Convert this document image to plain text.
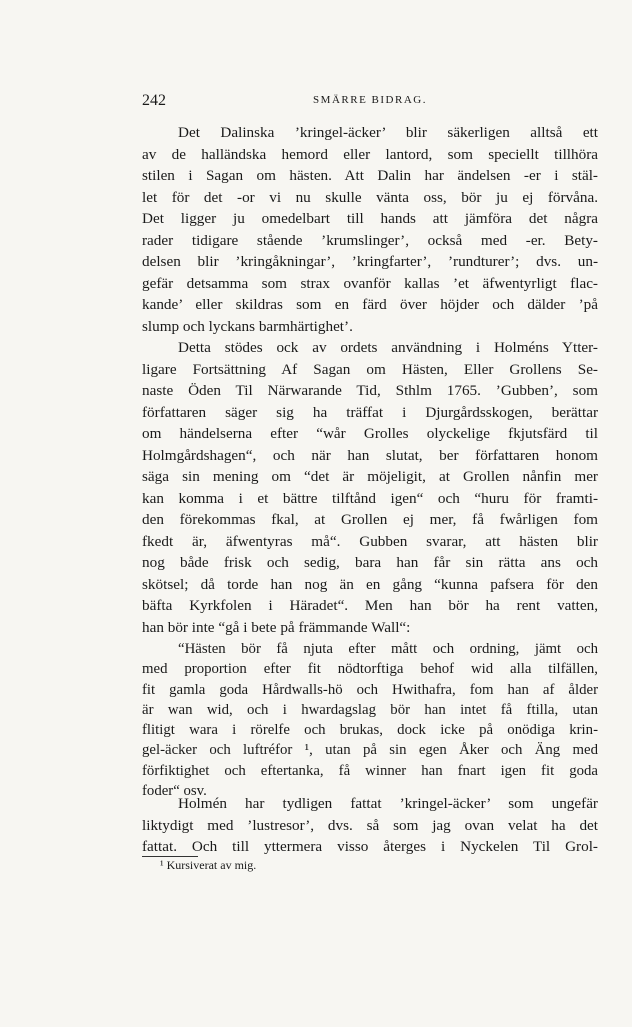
242	SMÄRRE BIDRAG.
Det Dalinska ’kringel-äcker’ blir säkerligen alltså ett
av de halländska hemord eller lantord, som speciellt tillhöra
stilen i Sagan om hästen. Att Dalin har ändelsen -er i stäl-
let för det -or vi nu skulle vänta oss, bör ju ej förvåna.
Det ligger ju omedelbart till hands att jämföra det några
rader tidigare stående ’krumslinger’, också med -er. Bety-
delsen blir ’kringåkningar’, ’kringfarter’, ’rundturer’; dvs. un-
gefär detsamma som strax ovanför kallas ’et äfwentyrligt flac-
kande’ eller skildras som en färd över höjder och dälder ’på
slump och lyckans barmhärtighet’.
Detta stödes ock av ordets användning i Holméns Ytter-
ligare Fortsättning Af Sagan om Hästen, Eller Grollens Se-
naste Öden Til Närwarande Tid, Sthlm 1765. ’Gubben’, som
författaren säger sig ha träffat i Djurgårdsskogen, berättar
om händelserna efter “wår Grolles olyckelige fkjutsfärd til
Holmgårdshagen“, och när han slutat, ber författaren honom
säga sin mening om “det är möjeligit, at Grollen nånfin mer
kan komma i et bättre tilftånd igen“ och “huru för framti-
den förekommas fkal, at Grollen ej mer, få fwårligen fom
fkedt är, äfwentyras må“. Gubben svarar, att hästen blir
nog både frisk och sedig, bara han får sin rätta ans och
skötsel; då torde han nog än en gång “kunna pafsera för den
bäfta Kyrkfolen i Häradet“. Men han bör ha rent vatten,
han bör inte “gå i bete på främmande Wall“:
“Hästen bör få njuta efter mått och ordning, jämt och
med proportion efter fit nödtorftiga behof wid alla tilfällen,
fit gamla goda Hårdwalls-hö och Hwithafra, fom han af ålder
är wan wid, och i hwardagslag bör han intet få ftilla, utan
flitigt wara i rörelfe och brukas, dock icke på onödiga krin-
gel-äcker och luftréfor ¹, utan på sin egen Åker och Äng med
förfiktighet och eftertanka, få winner han fnart igen fit goda
foder“ osv.
Holmén har tydligen fattat ’kringel-äcker’ som ungefär
liktydigt med ’lustresor’, dvs. så som jag ovan velat ha det
fattat. Och till yttermera visso återges i Nyckelen Til Grol-
¹ Kursiverat av mig.
